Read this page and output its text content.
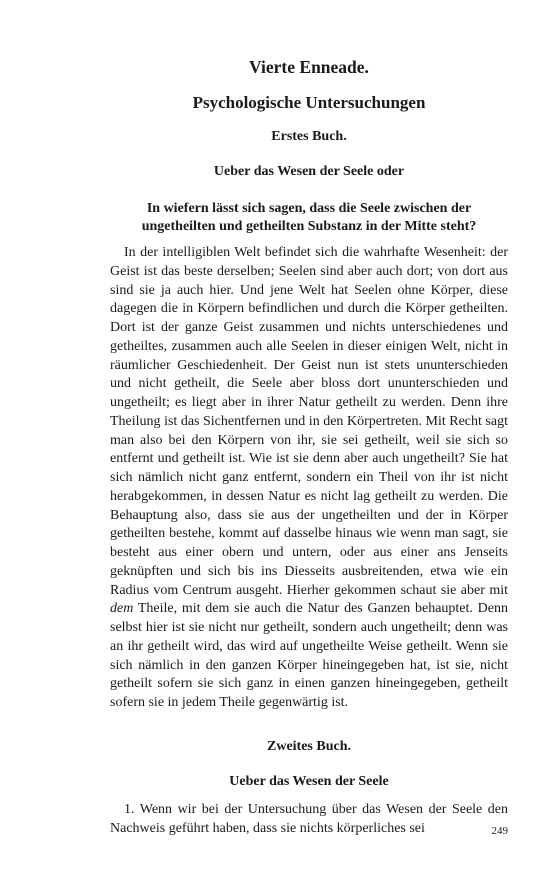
Vierte Enneade.
Psychologische Untersuchungen
Erstes Buch.
Ueber das Wesen der Seele oder
In wiefern lässt sich sagen, dass die Seele zwischen der ungetheilten und getheilten Substanz in der Mitte steht?

In der intelligiblen Welt befindet sich die wahrhafte Wesenheit: der Geist ist das beste derselben; Seelen sind aber auch dort; von dort aus sind sie ja auch hier. Und jene Welt hat Seelen ohne Körper, diese dagegen die in Körpern befindlichen und durch die Körper getheilten. Dort ist der ganze Geist zusammen und nichts unterschiedenes und getheiltes, zusammen auch alle Seelen in dieser einigen Welt, nicht in räumlicher Geschiedenheit. Der Geist nun ist stets ununterschieden und nicht getheilt, die Seele aber bloss dort ununterschieden und ungetheilt; es liegt aber in ihrer Natur getheilt zu werden. Denn ihre Theilung ist das Sichentfernen und in den Körpertreten. Mit Recht sagt man also bei den Körpern von ihr, sie sei getheilt, weil sie sich so entfernt und getheilt ist. Wie ist sie denn aber auch ungetheilt? Sie hat sich nämlich nicht ganz entfernt, sondern ein Theil von ihr ist nicht herabgekommen, in dessen Natur es nicht lag getheilt zu werden. Die Behauptung also, dass sie aus der ungetheilten und der in Körper getheilten bestehe, kommt auf dasselbe hinaus wie wenn man sagt, sie besteht aus einer obern und untern, oder aus einer ans Jenseits geknüpften und sich bis ins Diesseits ausbreitenden, etwa wie ein Radius vom Centrum ausgeht. Hierher gekommen schaut sie aber mit dem Theile, mit dem sie auch die Natur des Ganzen behauptet. Denn selbst hier ist sie nicht nur getheilt, sondern auch ungetheilt; denn was an ihr getheilt wird, das wird auf ungetheilte Weise getheilt. Wenn sie sich nämlich in den ganzen Körper hineingegeben hat, ist sie, nicht getheilt sofern sie sich ganz in einen ganzen hineingegeben, getheilt sofern sie in jedem Theile gegenwärtig ist.

Zweites Buch.
Ueber das Wesen der Seele

1. Wenn wir bei der Untersuchung über das Wesen der Seele den Nachweis geführt haben, dass sie nichts körperliches sei	249
